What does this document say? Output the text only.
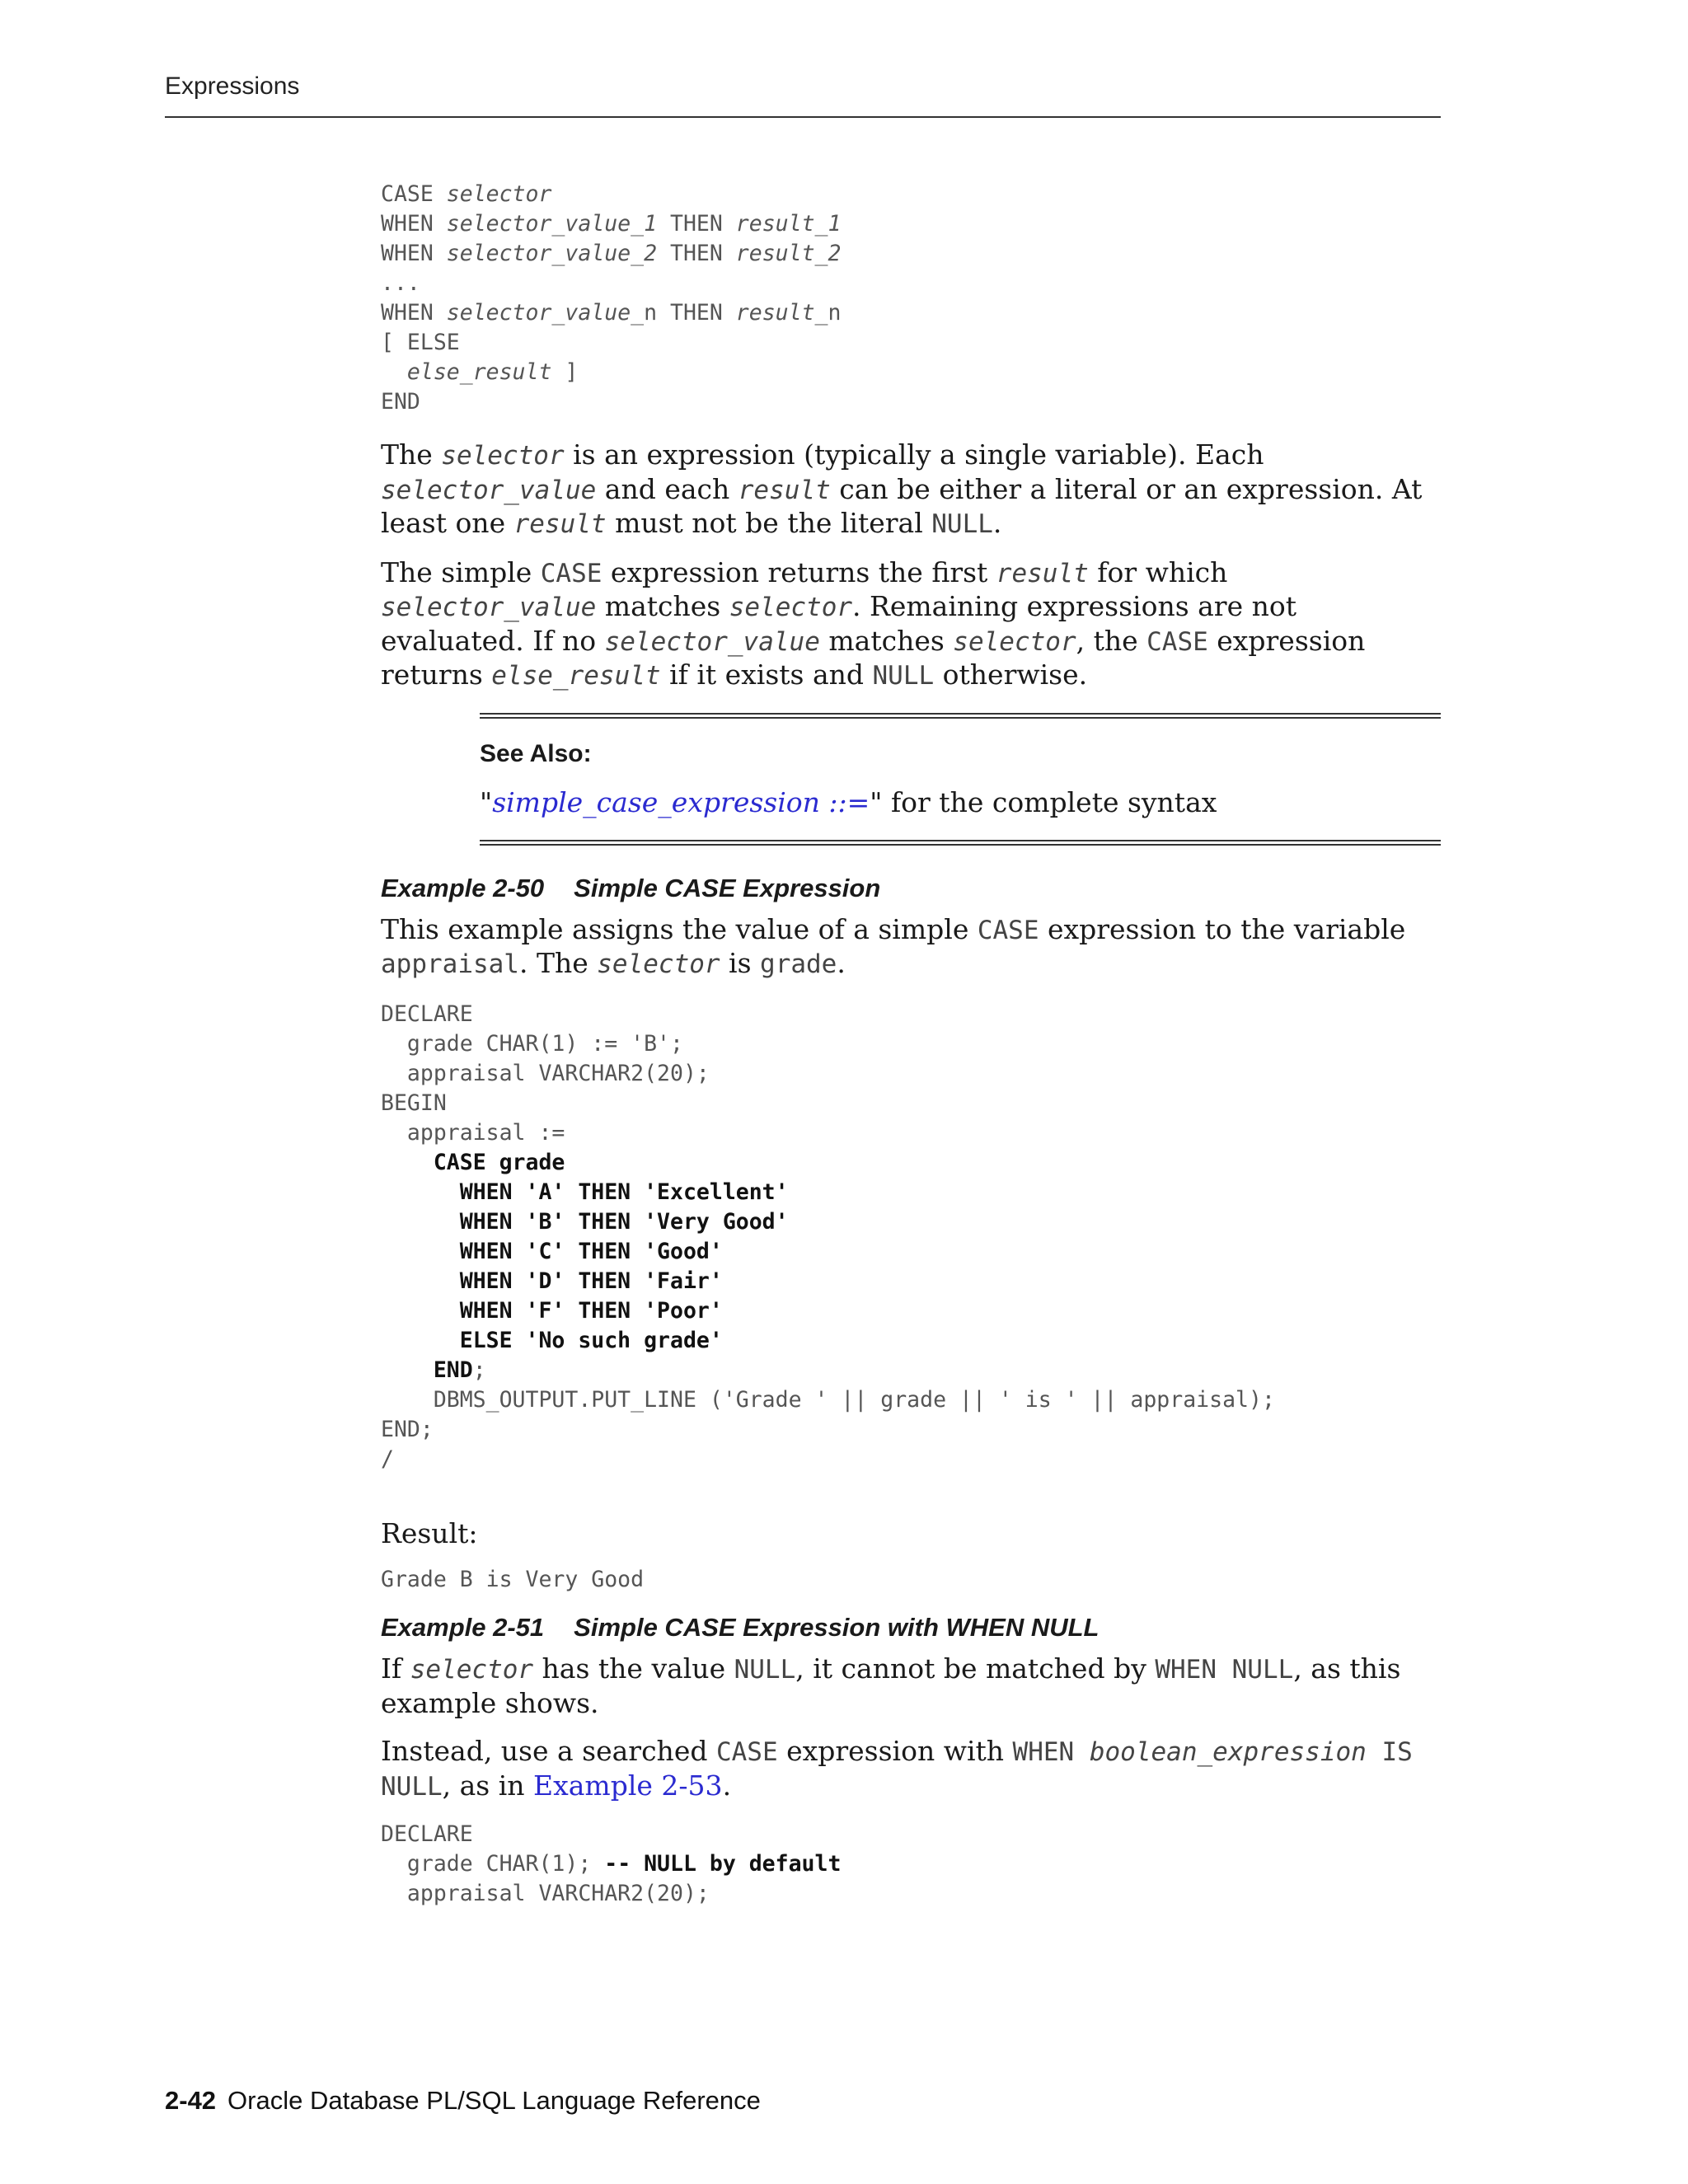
Expressions
CASE selector
WHEN selector_value_1 THEN result_1
WHEN selector_value_2 THEN result_2
...
WHEN selector_value_n THEN result_n
[ ELSE
else_result ]
END

The selector is an expression (typically a single variable). Each selector_value and each result can be either a literal or an expression. At least one result must not be the literal NULL.

The simple CASE expression returns the first result for which selector_value matches selector. Remaining expressions are not evaluated. If no selector_value matches selector, the CASE expression returns else_result if it exists and NULL otherwise.

See Also:
"simple_case_expression ::=" for the complete syntax
Example 2-50 Simple CASE Expression

This example assigns the value of a simple CASE expression to the variable appraisal. The selector is grade.

DECLARE
grade CHAR(1) := 'B';
appraisal VARCHAR2(20);
BEGIN
appraisal :=
CASE grade
WHEN 'A' THEN 'Excellent'
WHEN 'B' THEN 'Very Good'
WHEN 'C' THEN 'Good'
WHEN 'D' THEN 'Fair'
WHEN 'F' THEN 'Poor'
ELSE 'No such grade'
END;
DBMS_OUTPUT.PUT_LINE ('Grade ' || grade || ' is ' || appraisal);
END;
/

Result:

Grade B is Very Good
Example 2-51 Simple CASE Expression with WHEN NULL

If selector has the value NULL, it cannot be matched by WHEN NULL, as this example shows.

Instead, use a searched CASE expression with WHEN boolean_expression IS NULL, as in Example 2-53.

DECLARE
grade CHAR(1); -- NULL by default
appraisal VARCHAR2(20);
2-42 Oracle Database PL/SQL Language Reference
